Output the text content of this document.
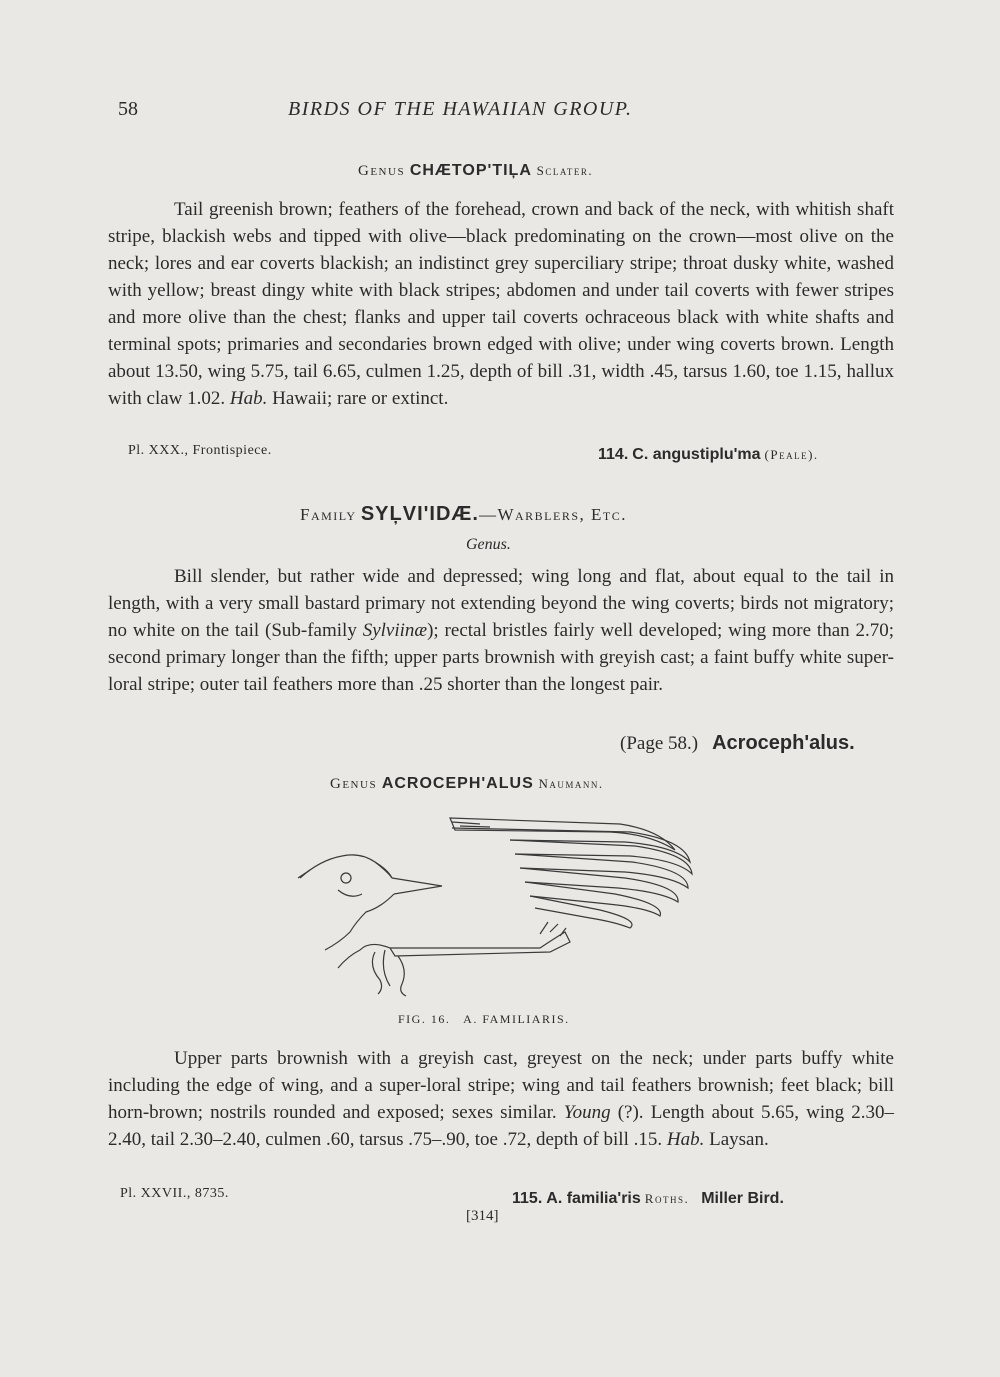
58	BIRDS OF THE HAWAIIAN GROUP.
Genus CHÆTOP'TIĻA Sclater.
Tail greenish brown; feathers of the forehead, crown and back of the neck, with whitish shaft stripe, blackish webs and tipped with olive—black predominating on the crown—most olive on the neck; lores and ear coverts blackish; an indistinct grey superciliary stripe; throat dusky white, washed with yellow; breast dingy white with black stripes; abdomen and under tail coverts with fewer stripes and more olive than the chest; flanks and upper tail coverts ochraceous black with white shafts and terminal spots; primaries and secondaries brown edged with olive; under wing coverts brown. Length about 13.50, wing 5.75, tail 6.65, culmen 1.25, depth of bill .31, width .45, tarsus 1.60, toe 1.15, hallux with claw 1.02. Hab. Hawaii; rare or extinct.
Pl. XXX., Frontispiece.	114. C. angustiplu'ma (Peale).
Family SYĻVI'IDÆ.—Warblers, Etc.
Genus.
Bill slender, but rather wide and depressed; wing long and flat, about equal to the tail in length, with a very small bastard primary not extending beyond the wing coverts; birds not migratory; no white on the tail (Sub-family Sylviinæ); rectal bristles fairly well developed; wing more than 2.70; second primary longer than the fifth; upper parts brownish with greyish cast; a faint buffy white super-loral stripe; outer tail feathers more than .25 shorter than the longest pair.
(Page 58.) Acroceph'alus.
Genus ACROCEPH'ALUS Naumann.
FIG. 16.   A. FAMILIARIS.
Upper parts brownish with a greyish cast, greyest on the neck; under parts buffy white including the edge of wing, and a super-loral stripe; wing and tail feathers brownish; feet black; bill horn-brown; nostrils rounded and exposed; sexes similar. Young (?). Length about 5.65, wing 2.30–2.40, tail 2.30–2.40, culmen .60, tarsus .75–.90, toe .72, depth of bill .15. Hab. Laysan.
Pl. XXVII., 8735.	115. A. familia'ris Roths. Miller Bird.
[314]
